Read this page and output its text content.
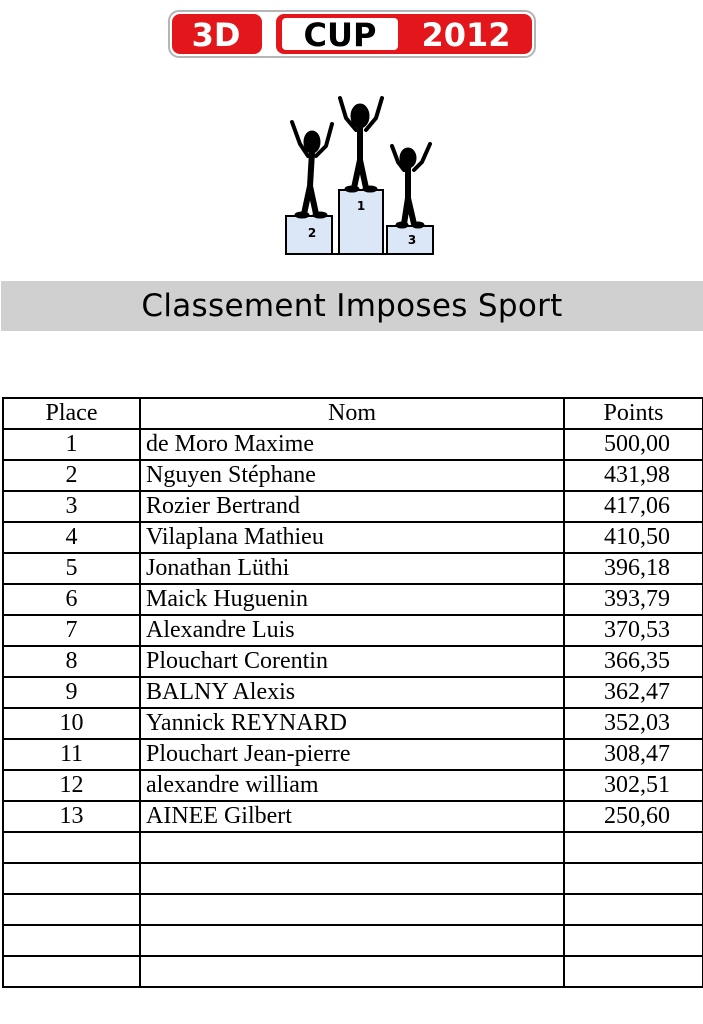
3D CUP 2012
2
1
3
Classement Imposes Sport
Place	Nom	Points
1	de Moro Maxime	500,00
2	Nguyen Stéphane	431,98
3	Rozier Bertrand	417,06
4	Vilaplana Mathieu	410,50
5	Jonathan Lüthi	396,18
6	Maick Huguenin	393,79
7	Alexandre Luis	370,53
8	Plouchart Corentin	366,35
9	BALNY Alexis	362,47
10	Yannick REYNARD	352,03
11	Plouchart Jean-pierre	308,47
12	alexandre william	302,51
13	AINEE Gilbert	250,60
